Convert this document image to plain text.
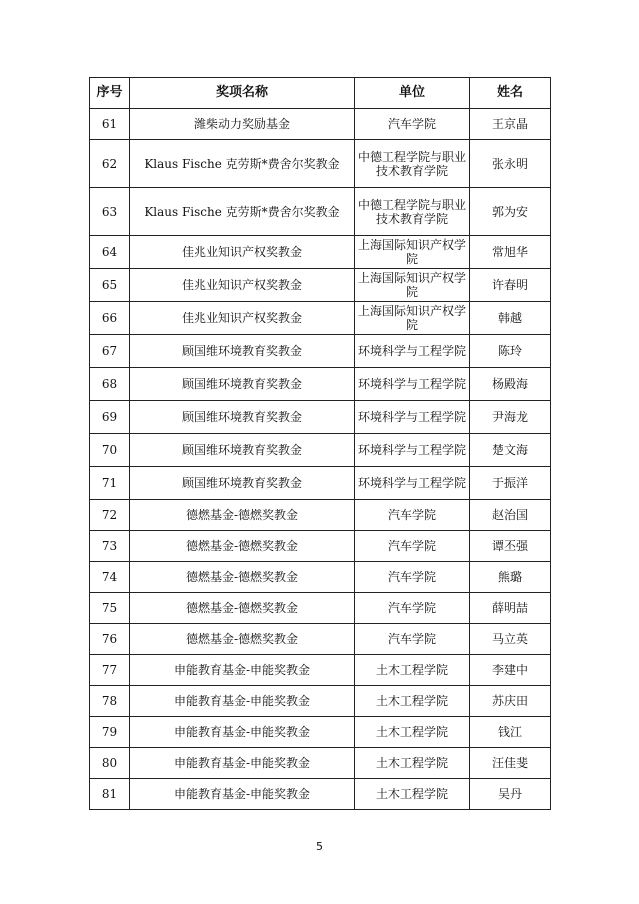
序号	奖项名称	单位	姓名
61	潍柴动力奖励基金	汽车学院	王京晶
62	Klaus Fische 克劳斯*费舍尔奖教金	中德工程学院与职业技术教育学院	张永明
63	Klaus Fische 克劳斯*费舍尔奖教金	中德工程学院与职业技术教育学院	郭为安
64	佳兆业知识产权奖教金	上海国际知识产权学院	常旭华
65	佳兆业知识产权奖教金	上海国际知识产权学院	许春明
66	佳兆业知识产权奖教金	上海国际知识产权学院	韩越
67	顾国维环境教育奖教金	环境科学与工程学院	陈玲
68	顾国维环境教育奖教金	环境科学与工程学院	杨殿海
69	顾国维环境教育奖教金	环境科学与工程学院	尹海龙
70	顾国维环境教育奖教金	环境科学与工程学院	楚文海
71	顾国维环境教育奖教金	环境科学与工程学院	于振洋
72	德燃基金-德燃奖教金	汽车学院	赵治国
73	德燃基金-德燃奖教金	汽车学院	谭丕强
74	德燃基金-德燃奖教金	汽车学院	熊璐
75	德燃基金-德燃奖教金	汽车学院	薛明喆
76	德燃基金-德燃奖教金	汽车学院	马立英
77	申能教育基金-申能奖教金	土木工程学院	李建中
78	申能教育基金-申能奖教金	土木工程学院	苏庆田
79	申能教育基金-申能奖教金	土木工程学院	钱江
80	申能教育基金-申能奖教金	土木工程学院	汪佳斐
81	申能教育基金-申能奖教金	土木工程学院	吴丹
5
